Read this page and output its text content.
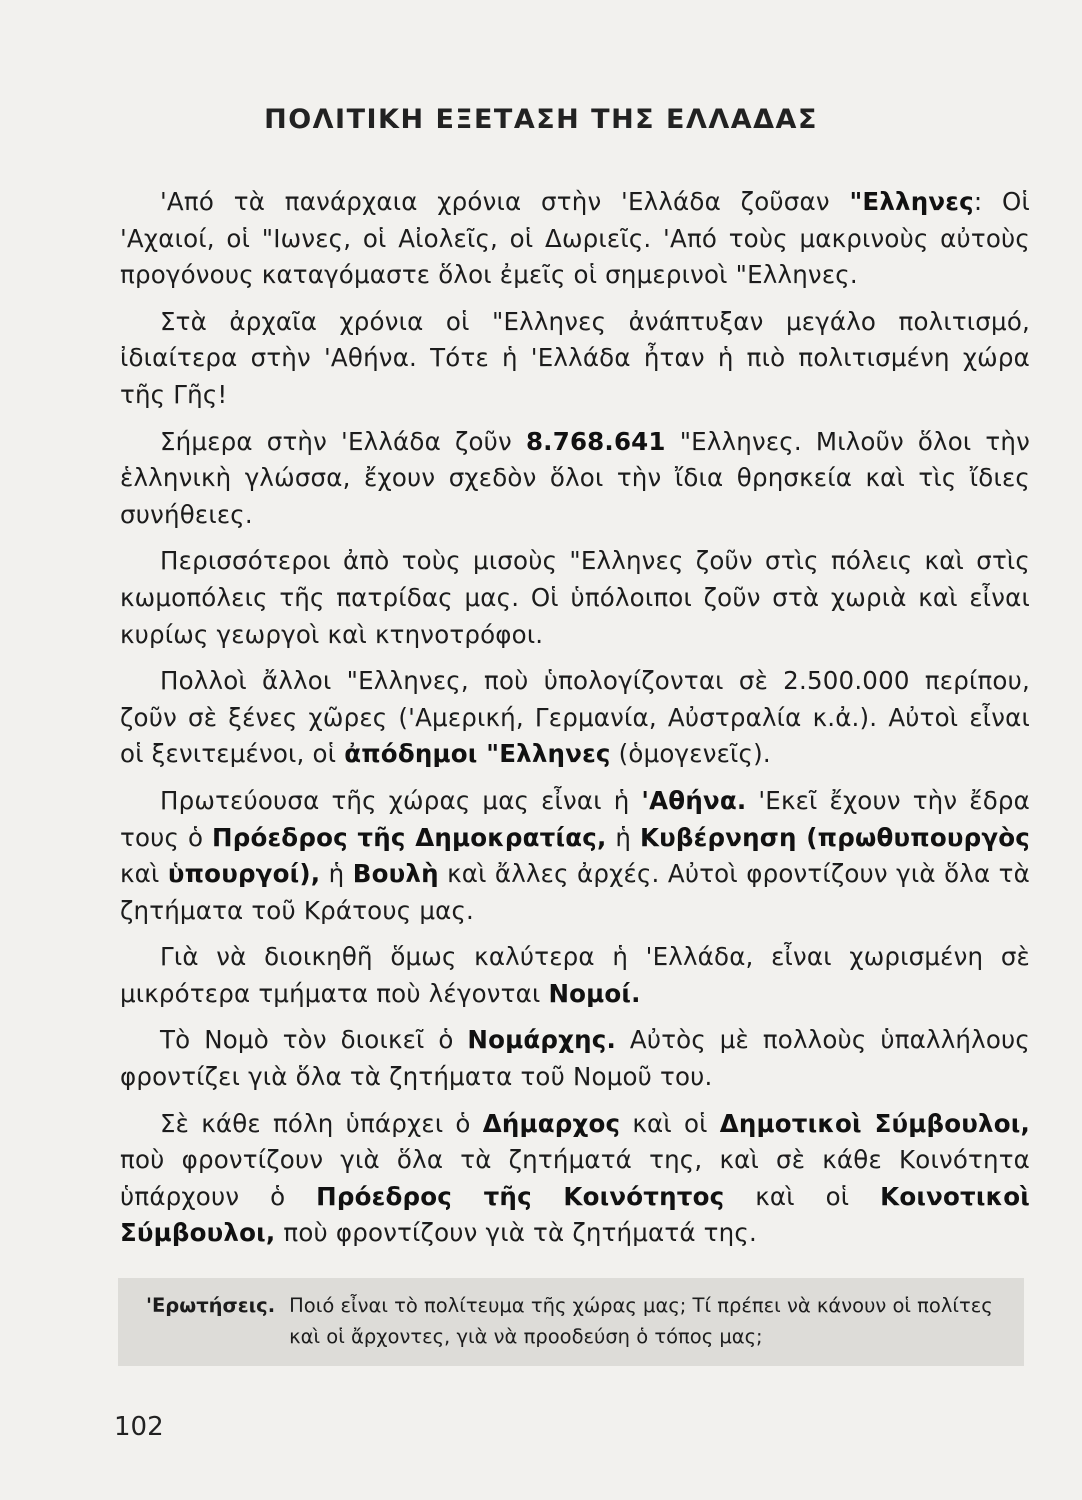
ΠΟΛΙΤΙΚΗ ΕΞΕΤΑΣΗ ΤΗΣ ΕΛΛΑΔΑΣ

'Από τὰ πανάρχαια χρόνια στὴν 'Ελλάδα ζοῦσαν "Ελληνες: Οἱ 'Αχαιοί, οἱ "Ιωνες, οἱ Αἰολεῖς, οἱ Δωριεῖς. 'Από τοὺς μακρινοὺς αὐτοὺς προγόνους καταγόμαστε ὅλοι ἐμεῖς οἱ σημερινοὶ "Ελληνες.

Στὰ ἀρχαῖα χρόνια οἱ "Ελληνες ἀνάπτυξαν μεγάλο πολιτισμό, ἰδιαίτερα στὴν 'Αθήνα. Τότε ἡ 'Ελλάδα ἦταν ἡ πιὸ πολιτισμένη χώρα τῆς Γῆς!

Σήμερα στὴν 'Ελλάδα ζοῦν 8.768.641 "Ελληνες. Μιλοῦν ὅλοι τὴν ἑλληνικὴ γλώσσα, ἔχουν σχεδὸν ὅλοι τὴν ἴδια θρησκεία καὶ τὶς ἴδιες συνήθειες.

Περισσότεροι ἀπὸ τοὺς μισοὺς "Ελληνες ζοῦν στὶς πόλεις καὶ στὶς κωμοπόλεις τῆς πατρίδας μας. Οἱ ὑπόλοιποι ζοῦν στὰ χωριὰ καὶ εἶναι κυρίως γεωργοὶ καὶ κτηνοτρόφοι.

Πολλοὶ ἄλλοι "Ελληνες, ποὺ ὑπολογίζονται σὲ 2.500.000 περίπου, ζοῦν σὲ ξένες χῶρες ('Αμερική, Γερμανία, Αὐστραλία κ.ἀ.). Αὐτοὶ εἶναι οἱ ξενιτεμένοι, οἱ ἀπόδημοι "Ελληνες (ὁμογενεῖς).

Πρωτεύουσα τῆς χώρας μας εἶναι ἡ 'Αθήνα. 'Εκεῖ ἔχουν τὴν ἔδρα τους ὁ Πρόεδρος τῆς Δημοκρατίας, ἡ Κυβέρνηση (πρωθυπουργὸς καὶ ὑπουργοί), ἡ Βουλὴ καὶ ἄλλες ἀρχές. Αὐτοὶ φροντίζουν γιὰ ὅλα τὰ ζητήματα τοῦ Κράτους μας.

Γιὰ νὰ διοικηθῆ ὅμως καλύτερα ἡ 'Ελλάδα, εἶναι χωρισμένη σὲ μικρότερα τμήματα ποὺ λέγονται Νομοί.

Τὸ Νομὸ τὸν διοικεῖ ὁ Νομάρχης. Αὐτὸς μὲ πολλοὺς ὑπαλλήλους φροντίζει γιὰ ὅλα τὰ ζητήματα τοῦ Νομοῦ του.

Σὲ κάθε πόλη ὑπάρχει ὁ Δήμαρχος καὶ οἱ Δημοτικοὶ Σύμβουλοι, ποὺ φροντίζουν γιὰ ὅλα τὰ ζητήματά της, καὶ σὲ κάθε Κοινότητα ὑπάρχουν ὁ Πρόεδρος τῆς Κοινότητος καὶ οἱ Κοινοτικοὶ Σύμβουλοι, ποὺ φροντίζουν γιὰ τὰ ζητήματά της.

'Ερωτήσεις. Ποιό εἶναι τὸ πολίτευμα τῆς χώρας μας; Τί πρέπει νὰ κάνουν οἱ πολίτες καὶ οἱ ἄρχοντες, γιὰ νὰ προοδεύση ὁ τόπος μας;
102
